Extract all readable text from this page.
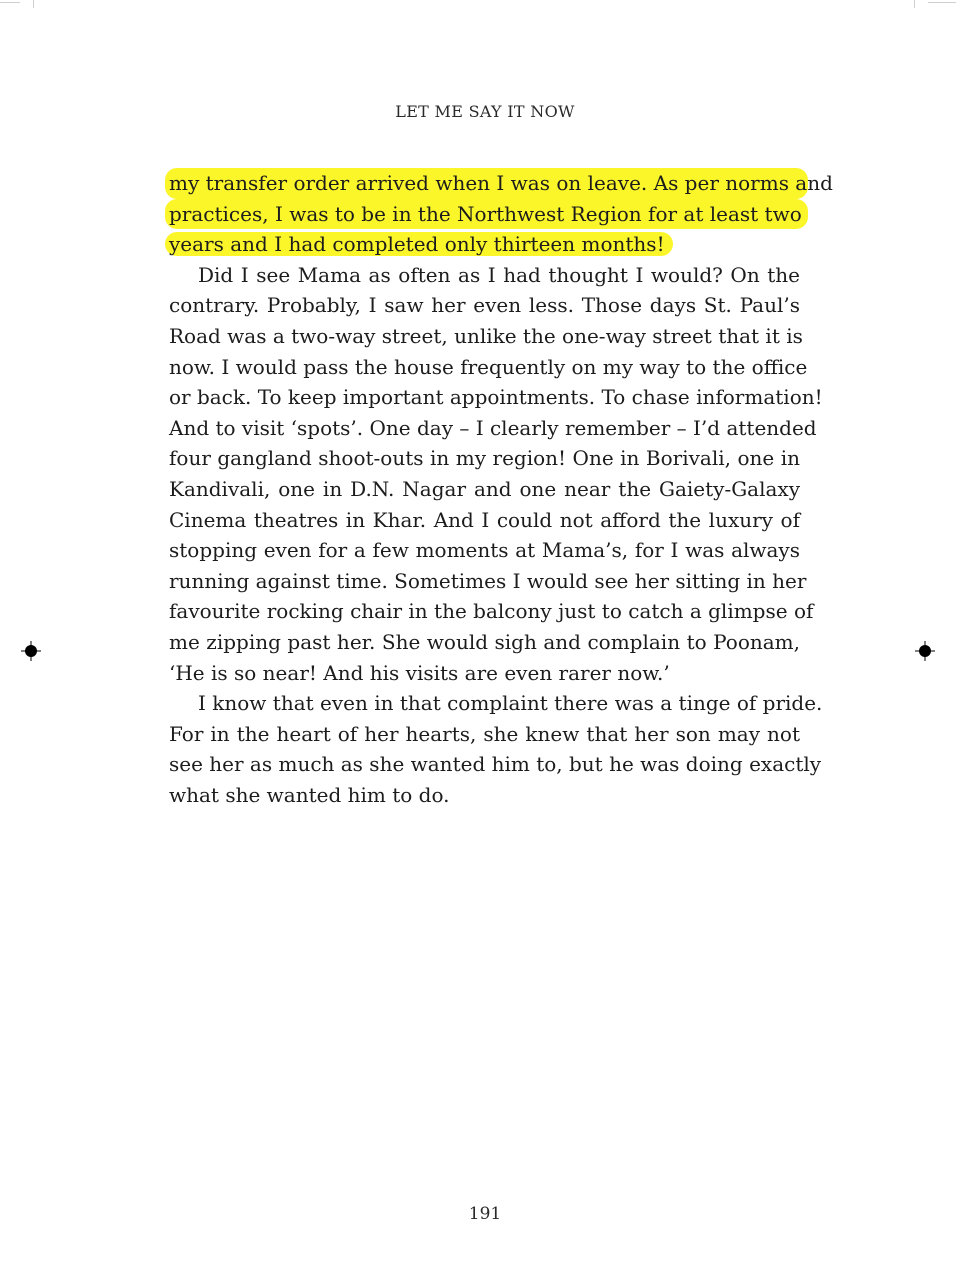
LET ME SAY IT NOW
my transfer order arrived when I was on leave. As per norms and
practices, I was to be in the Northwest Region for at least two
years and I had completed only thirteen months!
Did I see Mama as often as I had thought I would? On the
contrary. Probably, I saw her even less. Those days St. Paul’s
Road was a two-way street, unlike the one-way street that it is
now. I would pass the house frequently on my way to the office
or back. To keep important appointments. To chase information!
And to visit ‘spots’. One day – I clearly remember – I’d attended
four gangland shoot-outs in my region! One in Borivali, one in
Kandivali, one in D.N. Nagar and one near the Gaiety-Galaxy
Cinema theatres in Khar. And I could not afford the luxury of
stopping even for a few moments at Mama’s, for I was always
running against time. Sometimes I would see her sitting in her
favourite rocking chair in the balcony just to catch a glimpse of
me zipping past her. She would sigh and complain to Poonam,
‘He is so near! And his visits are even rarer now.’
I know that even in that complaint there was a tinge of pride.
For in the heart of her hearts, she knew that her son may not
see her as much as she wanted him to, but he was doing exactly
what she wanted him to do.
191
